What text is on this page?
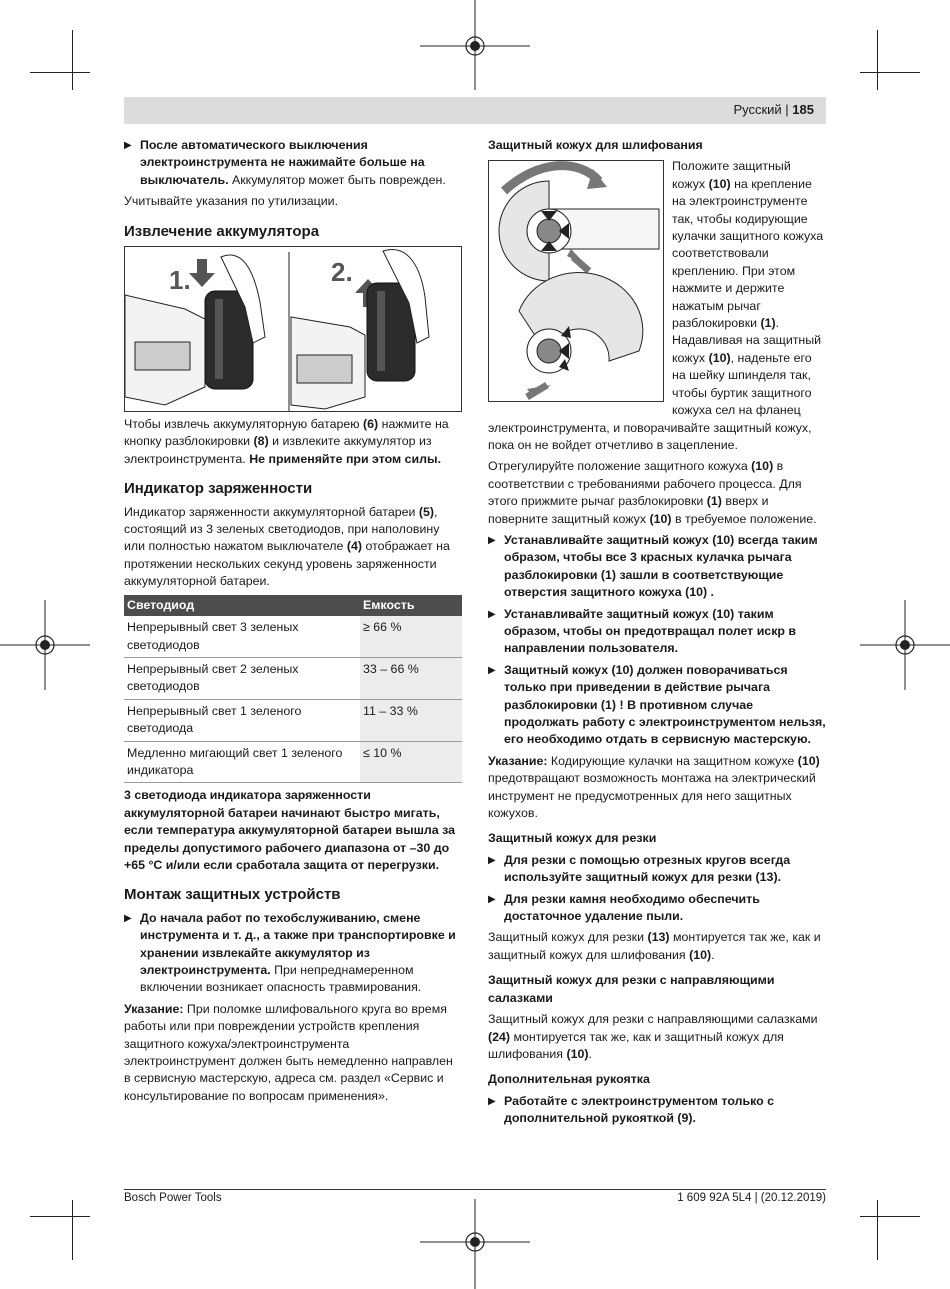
Русский | 185
▶ После автоматического выключения электроинструмента не нажимайте больше на выключатель. Аккумулятор может быть поврежден.

Учитывайте указания по утилизации.

Извлечение аккумулятора
1.	2.

Чтобы извлечь аккумуляторную батарею (6) нажмите на кнопку разблокировки (8) и извлеките аккумулятор из электроинструмента. Не применяйте при этом силы.

Индикатор заряженности

Индикатор заряженности аккумуляторной батареи (5), состоящий из 3 зеленых светодиодов, при наполовину или полностью нажатом выключателе (4) отображает на протяжении нескольких секунд уровень заряженности аккумуляторной батареи.

Светодиод	Емкость
Непрерывный свет 3 зеленых светодиодов	≥ 66 %
Непрерывный свет 2 зеленых светодиодов	33 – 66 %
Непрерывный свет 1 зеленого светодиода	11 – 33 %
Медленно мигающий свет 1 зеленого индикатора	≤ 10 %

3 светодиода индикатора заряженности аккумуляторной батареи начинают быстро мигать, если температура аккумуляторной батареи вышла за пределы допустимого рабочего диапазона от –30 до +65 °C и/или если сработала защита от перегрузки.

Монтаж защитных устройств
▶ До начала работ по техобслуживанию, смене инструмента и т. д., а также при транспортировке и хранении извлекайте аккумулятор из электроинструмента. При непреднамеренном включении возникает опасность травмирования.

Указание: При поломке шлифовального круга во время работы или при повреждении устройств крепления защитного кожуха/электроинструмента электроинструмент должен быть немедленно направлен в сервисную мастерскую, адреса см. раздел «Сервис и консультирование по вопросам применения».

Защитный кожух для шлифования

Положите защитный кожух (10) на крепление на электроинструменте так, чтобы кодирующие кулачки защитного кожуха соответствовали креплению. При этом нажмите и держите нажатым рычаг разблокировки (1). Надавливая на защитный кожух (10), наденьте его на шейку шпинделя так, чтобы буртик защитного кожуха сел на фланец электроинструмента, и поворачивайте защитный кожух, пока он не войдет отчетливо в зацепление.

Отрегулируйте положение защитного кожуха (10) в соответствии с требованиями рабочего процесса. Для этого прижмите рычаг разблокировки (1) вверх и поверните защитный кожух (10) в требуемое положение.

▶ Устанавливайте защитный кожух (10) всегда таким образом, чтобы все 3 красных кулачка рычага разблокировки (1) зашли в соответствующие отверстия защитного кожуха (10) .
▶ Устанавливайте защитный кожух (10) таким образом, чтобы он предотвращал полет искр в направлении пользователя.
▶ Защитный кожух (10) должен поворачиваться только при приведении в действие рычага разблокировки (1) ! В противном случае продолжать работу с электроинструментом нельзя, его необходимо отдать в сервисную мастерскую.

Указание: Кодирующие кулачки на защитном кожухе (10) предотвращают возможность монтажа на электрический инструмент не предусмотренных для него защитных кожухов.

Защитный кожух для резки
▶ Для резки с помощью отрезных кругов всегда используйте защитный кожух для резки (13).
▶ Для резки камня необходимо обеспечить достаточное удаление пыли.

Защитный кожух для резки (13) монтируется так же, как и защитный кожух для шлифования (10).

Защитный кожух для резки с направляющими салазками

Защитный кожух для резки с направляющими салазками (24) монтируется так же, как и защитный кожух для шлифования (10).

Дополнительная рукоятка
▶ Работайте с электроинструментом только с дополнительной рукояткой (9).
Bosch Power Tools	1 609 92A 5L4 | (20.12.2019)
